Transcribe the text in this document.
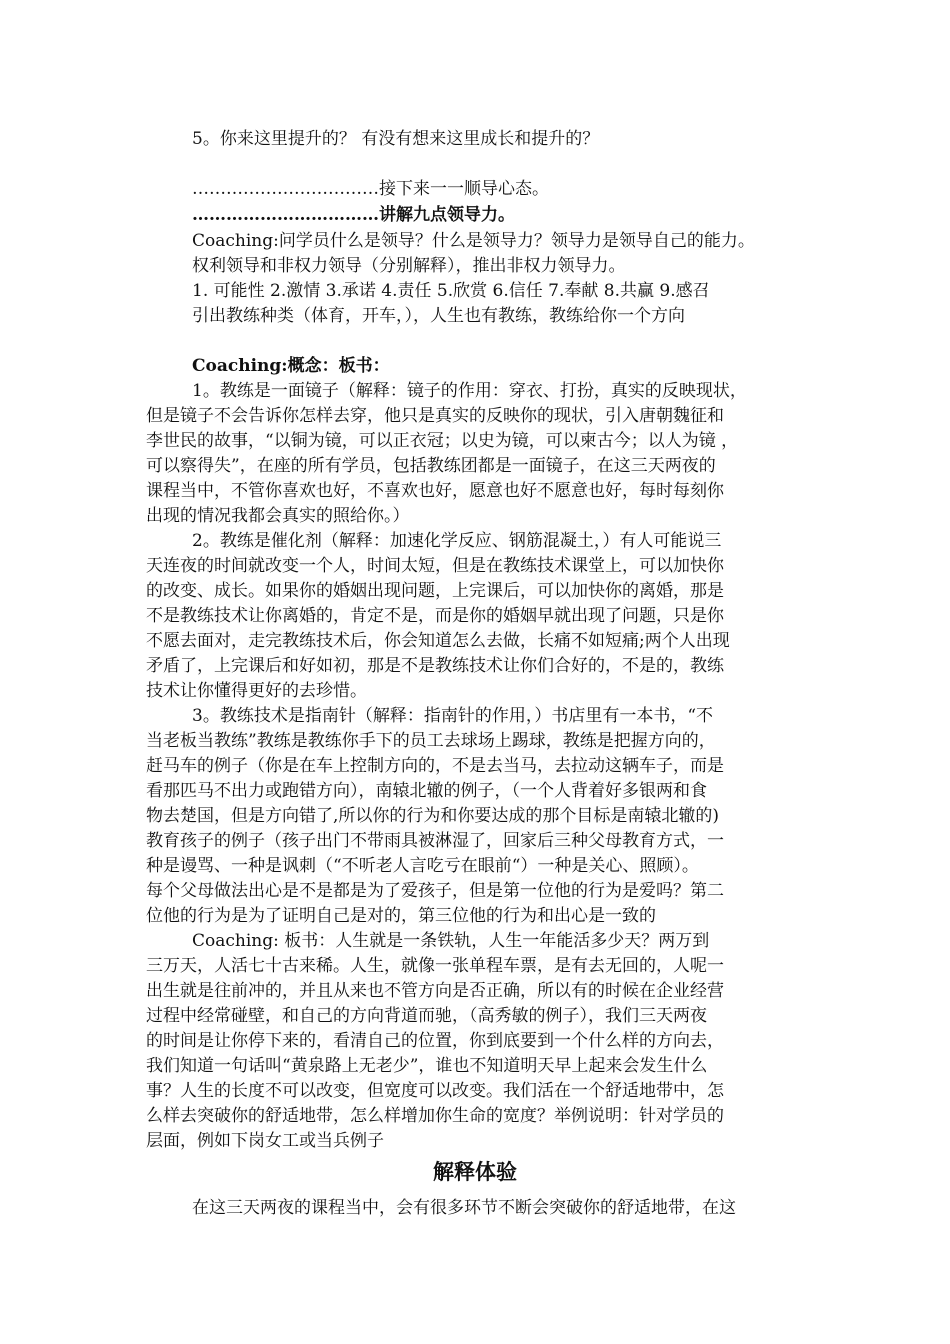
5。你来这里提升的？ 有没有想来这里成长和提升的？
……………………………接下来一一顺导心态。
……………………………讲解九点领导力。
Coaching:问学员什么是领导？什么是领导力？领导力是领导自己的能力。
权利领导和非权力领导（分别解释），推出非权力领导力。
1. 可能性 2.激情 3.承诺 4.责任 5.欣赏 6.信任 7.奉献 8.共赢 9.感召
引出教练种类（体育，开车，），人生也有教练，教练给你一个方向
Coaching:概念：板书：
1。教练是一面镜子（解释：镜子的作用：穿衣、打扮，真实的反映现状，
但是镜子不会告诉你怎样去穿，他只是真实的反映你的现状，引入唐朝魏征和
李世民的故事，“以铜为镜，可以正衣冠；以史为镜，可以柬古今；以人为镜 ，
可以察得失”，在座的所有学员，包括教练团都是一面镜子，在这三天两夜的
课程当中，不管你喜欢也好，不喜欢也好，愿意也好不愿意也好，每时每刻你
出现的情况我都会真实的照给你。）
2。教练是催化剂（解释：加速化学反应、钢筋混凝土，）有人可能说三
天连夜的时间就改变一个人，时间太短，但是在教练技术课堂上，可以加快你
的改变、成长。如果你的婚姻出现问题，上完课后，可以加快你的离婚，那是
不是教练技术让你离婚的，肯定不是，而是你的婚姻早就出现了问题，只是你
不愿去面对，走完教练技术后，你会知道怎么去做，长痛不如短痛;两个人出现
矛盾了，上完课后和好如初，那是不是教练技术让你们合好的，不是的，教练
技术让你懂得更好的去珍惜。
3。教练技术是指南针（解释：指南针的作用，）书店里有一本书，“不
当老板当教练”教练是教练你手下的员工去球场上踢球，教练是把握方向的，
赶马车的例子（你是在车上控制方向的，不是去当马，去拉动这辆车子，而是
看那匹马不出力或跑错方向），南辕北辙的例子，（一个人背着好多银两和食
物去楚国，但是方向错了,所以你的行为和你要达成的那个目标是南辕北辙的)
教育孩子的例子（孩子出门不带雨具被淋湿了，回家后三种父母教育方式，一
种是谩骂、一种是讽刺（“不听老人言吃亏在眼前“）一种是关心、照顾）。
每个父母做法出心是不是都是为了爱孩子，但是第一位他的行为是爱吗？第二
位他的行为是为了证明自己是对的，第三位他的行为和出心是一致的
Coaching: 板书：人生就是一条铁轨，人生一年能活多少天？两万到
三万天，人活七十古来稀。人生，就像一张单程车票，是有去无回的，人呢一
出生就是往前冲的，并且从来也不管方向是否正确，所以有的时候在企业经营
过程中经常碰壁，和自己的方向背道而驰，（高秀敏的例子），我们三天两夜
的时间是让你停下来的，看清自己的位置，你到底要到一个什么样的方向去，
我们知道一句话叫“黄泉路上无老少”，谁也不知道明天早上起来会发生什么
事？人生的长度不可以改变，但宽度可以改变。我们活在一个舒适地带中，怎
么样去突破你的舒适地带，怎么样增加你生命的宽度？举例说明：针对学员的
层面，例如下岗女工或当兵例子
解释体验
在这三天两夜的课程当中，会有很多环节不断会突破你的舒适地带，在这
